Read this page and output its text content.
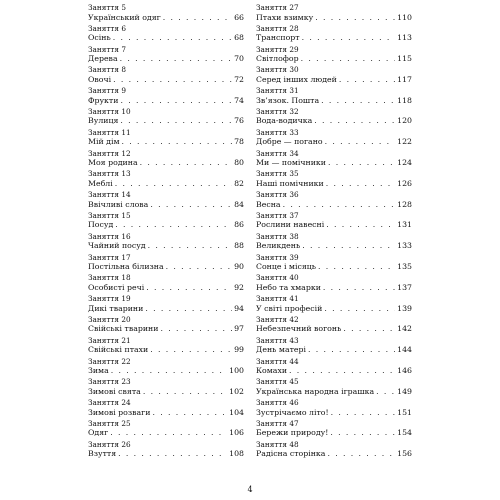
Заняття 5
Український одяг . . .	66
Заняття 6
Осінь . . .	68
Заняття 7
Дерева . . .	70
Заняття 8
Овочі . . .	72
Заняття 9
Фрукти . . .	74
Заняття 10
Вулиця . . .	76
Заняття 11
Мій дім . . .	78
Заняття 12
Моя родина . . .	80
Заняття 13
Меблі . . .	82
Заняття 14
Ввічливі слова . . .	84
Заняття 15
Посуд . . .	86
Заняття 16
Чайний посуд . . .	88
Заняття 17
Постільна білизна . . .	90
Заняття 18
Особисті речі . . .	92
Заняття 19
Дикі тварини . . .	94
Заняття 20
Свійські тварини . . .	97
Заняття 21
Свійські птахи . . .	99
Заняття 22
Зима . . .	100
Заняття 23
Зимові свята . . .	102
Заняття 24
Зимові розваги . . .	104
Заняття 25
Одяг . . .	106
Заняття 26
Взуття . . .	108
Заняття 27
Птахи взимку . . .	110
Заняття 28
Транспорт . . .	113
Заняття 29
Світлофор . . .	115
Заняття 30
Серед інших людей . . .	117
Заняття 31
Зв’язок. Пошта . . .	118
Заняття 32
Вода-водичка . . .	120
Заняття 33
Добре — погано . . .	122
Заняття 34
Ми — помічники . . .	124
Заняття 35
Наші помічники . . .	126
Заняття 36
Весна . . .	128
Заняття 37
Рослини навесні . . .	131
Заняття 38
Великдень . . .	133
Заняття 39
Сонце і місяць . . .	135
Заняття 40
Небо та хмарки . . .	137
Заняття 41
У світі професій . . .	139
Заняття 42
Небезпечний вогонь . . .	142
Заняття 43
День матері . . .	144
Заняття 44
Комахи . . .	146
Заняття 45
Українська народна іграшка . . .	149
Заняття 46
Зустрічаємо літо! . . .	151
Заняття 47
Бережи природу! . . .	154
Заняття 48
Радісна сторінка . . .	156
4
